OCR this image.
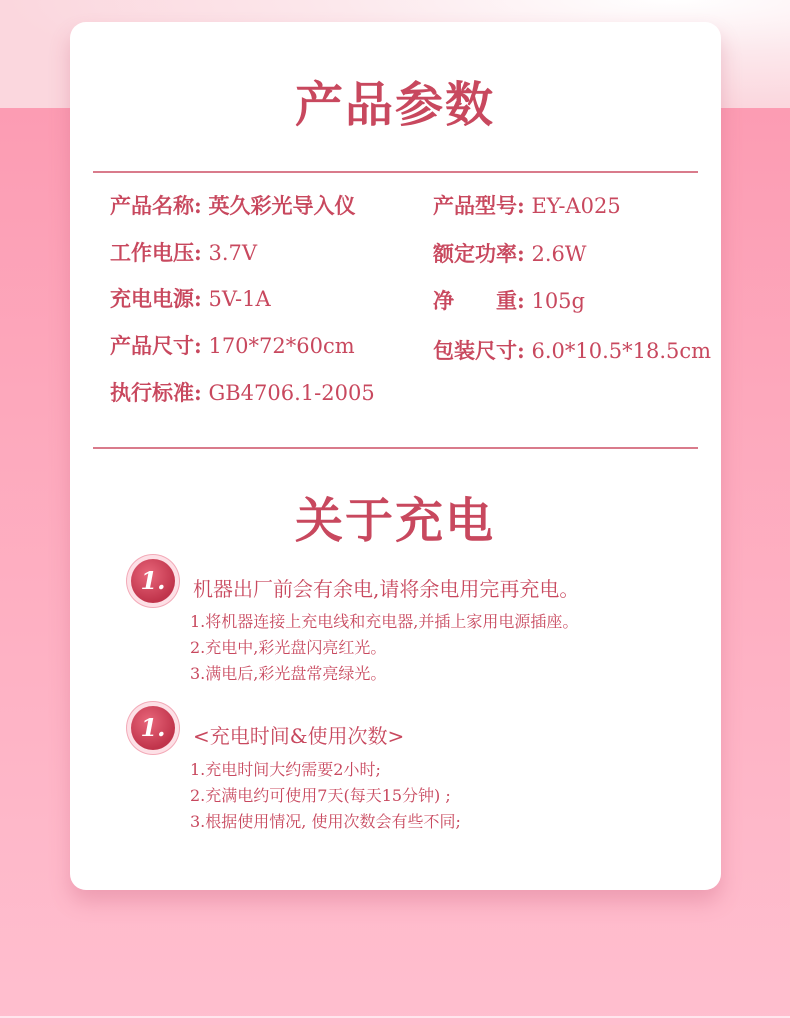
产品参数
产品名称: 英久彩光导入仪
工作电压: 3.7V
充电电源: 5V-1A
产品尺寸: 170*72*60cm
执行标准: GB4706.1-2005
产品型号: EY-A025
额定功率: 2.6W
净　　重: 105g
包装尺寸: 6.0*10.5*18.5cm
关于充电
1.	机器出厂前会有余电,请将余电用完再充电。
1.将机器连接上充电线和充电器,并插上家用电源插座。
2.充电中,彩光盘闪亮红光。
3.满电后,彩光盘常亮绿光。
1.	<充电时间&使用次数>
1.充电时间大约需要2小时;
2.充满电约可使用7天(每天15分钟) ;
3.根据使用情况, 使用次数会有些不同;
